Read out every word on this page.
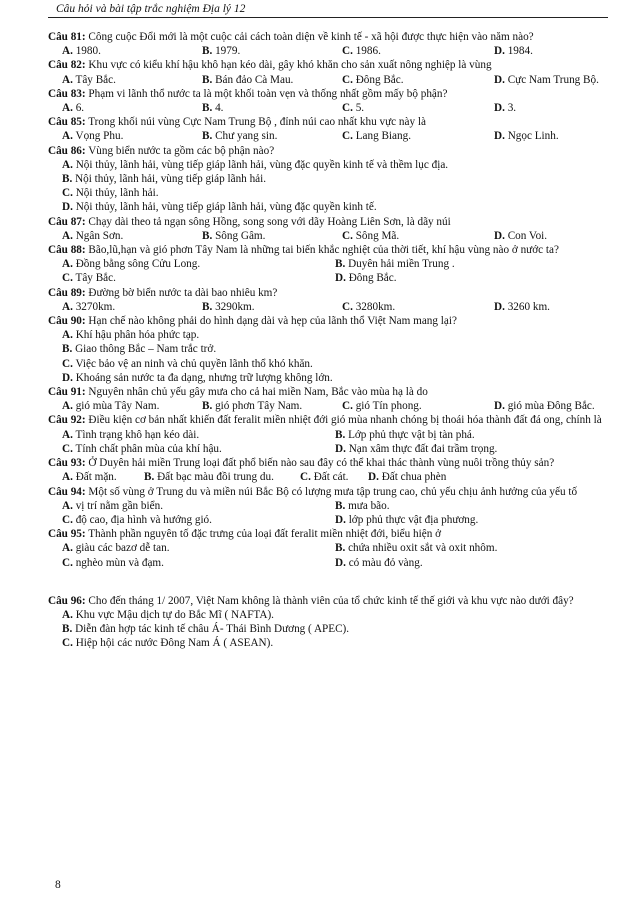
Câu hỏi và bài tập trắc nghiệm Địa lý 12
Câu 81: Công cuộc Đổi mới là một cuộc cải cách toàn diện về kinh tế - xã hội được thực hiện vào năm nào?
A. 1980.	B. 1979.	C. 1986.	D. 1984.
Câu 82: Khu vực có kiểu khí hậu khô hạn kéo dài, gây khó khăn cho sản xuất nông nghiệp là vùng
A. Tây Bắc.	B. Bán đảo Cà Mau.	C. Đông Bắc.	D. Cực Nam Trung Bộ.
Câu 83: Phạm vi lãnh thổ nước ta là một khối toàn vẹn và thống nhất gồm mấy bộ phận?
A. 6.	B. 4.	C. 5.	D. 3.
Câu 85: Trong khối núi vùng Cực Nam Trung Bộ , đỉnh núi cao nhất khu vực này là
A. Vọng Phu.	B. Chư yang sin.	C. Lang Biang.	D. Ngọc Linh.
Câu 86: Vùng biển nước ta gồm các bộ phận nào?
A. Nội thủy, lãnh hải, vùng tiếp giáp lãnh hải, vùng đặc quyền kinh tế và thềm lục địa.
B. Nội thủy, lãnh hải, vùng tiếp giáp lãnh hải.
C. Nội thủy, lãnh hải.
D. Nội thủy, lãnh hải, vùng tiếp giáp lãnh hải, vùng đặc quyền kinh tế.
Câu 87: Chạy dài theo tả ngạn sông Hồng, song song với dãy Hoàng Liên Sơn, là dãy núi
A. Ngân Sơn.	B. Sông Gâm.	C. Sông Mã.	D. Con Voi.
Câu 88: Bão,lũ,hạn và gió phơn Tây Nam là những tai biến khắc nghiệt của thời tiết, khí hậu vùng nào ở nước ta?
A. Đồng bằng sông Cửu Long.	B. Duyên hải miền Trung .
C. Tây Bắc.	D. Đông Bắc.
Câu 89: Đường bờ biển nước ta dài bao nhiêu km?
A. 3270km.	B. 3290km.	C. 3280km.	D. 3260 km.
Câu 90: Hạn chế nào không phải do hình dạng dài và hẹp của lãnh thổ Việt Nam mang lại?
A. Khí hậu phân hóa phức tạp.
B. Giao thông Bắc – Nam trắc trở.
C. Việc bảo vệ an ninh và chủ quyền lãnh thổ khó khăn.
D. Khoáng sản nước ta đa dạng, nhưng trữ lượng không lớn.
Câu 91: Nguyên nhân chủ yếu gây mưa cho cả hai miền Nam, Bắc vào mùa hạ là do
A. gió mùa Tây Nam.	B. gió phơn Tây Nam.	C. gió Tín phong.	D. gió mùa Đông Bắc.
Câu 92: Điều kiện cơ bản nhất khiến đất feralit miền nhiệt đới gió mùa nhanh chóng bị thoái hóa thành đất đá ong, chính là
A. Tình trạng khô hạn kéo dài.	B. Lớp phủ thực vật bị tàn phá.
C. Tính chất phân mùa của khí hậu.	D. Nạn xâm thực đất đai trầm trọng.
Câu 93: Ở Duyên hải miền Trung loại đất phổ biến nào sau đây có thể khai thác thành vùng nuôi trồng thủy sản?
A. Đất mặn.	B. Đất bạc màu đồi trung du.	C. Đất cát.	D. Đất chua phèn
Câu 94: Một số vùng ở Trung du và miền núi Bắc Bộ có lượng mưa tập trung cao, chủ yếu chịu ảnh hưởng của yếu tố
A. vị trí nằm gần biển.	B. mưa bão.
C. độ cao, địa hình và hướng gió.	D. lớp phủ thực vật địa phương.
Câu 95: Thành phần nguyên tố đặc trưng của loại đất feralit miền nhiệt đới, biểu hiện ở
A. giàu các bazơ dễ tan.	B. chứa nhiều oxit sắt và oxit nhôm.
C. nghèo mùn và đạm.	D. có màu đỏ vàng.
Câu 96: Cho đến tháng 1/ 2007, Việt Nam không là thành viên của tổ chức kinh tế thế giới và khu vực nào dưới đây?
A. Khu vực Mậu dịch tự do Bắc Mĩ ( NAFTA).
B. Diễn đàn hợp tác kinh tế châu Á- Thái Bình Dương ( APEC).
C. Hiệp hội các nước Đông Nam Á ( ASEAN).
8
